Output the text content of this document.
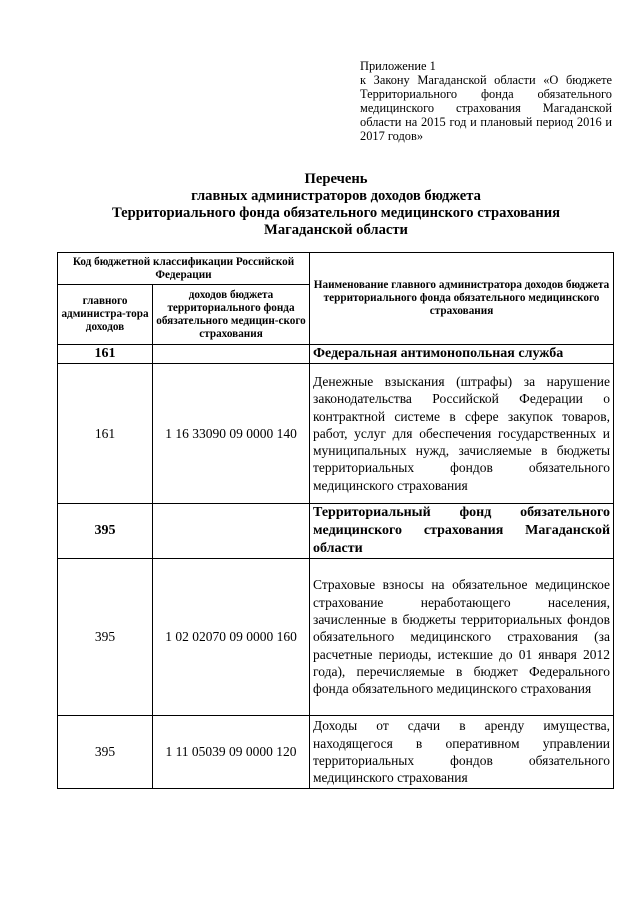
Приложение 1
к Закону Магаданской области «О бюджете Территориального фонда обязательного медицинского страхования Магаданской области на 2015 год и плановый период 2016 и 2017 годов»
Перечень
главных администраторов доходов бюджета
Территориального фонда обязательного медицинского страхования
Магаданской области
Код бюджетной классификации Российской Федерации		Наименование главного администратора доходов бюджета территориального фонда обязательного медицинского страхования
главного администра-тора доходов	доходов бюджета территориального фонда обязательного медицин-ского страхования	
161		Федеральная антимонопольная служба
161	1 16 33090 09 0000 140	Денежные взыскания (штрафы) за нарушение законодательства Российской Федерации о контрактной системе в сфере закупок товаров, работ, услуг для обеспечения государственных и муниципальных нужд, зачисляемые в бюджеты территориальных фондов обязательного медицинского страхования
395		Территориальный фонд обязательного медицинского страхования Магаданской области
395	1 02 02070 09 0000 160	Страховые взносы на обязательное медицинское страхование неработающего населения, зачисленные в бюджеты территориальных фондов обязательного медицинского страхования (за расчетные периоды, истекшие до 01 января 2012 года), перечисляемые в бюджет Федерального фонда обязательного медицинского страхования
395	1 11 05039 09 0000 120	Доходы от сдачи в аренду имущества, находящегося в оперативном управлении территориальных фондов обязательного медицинского страхования
